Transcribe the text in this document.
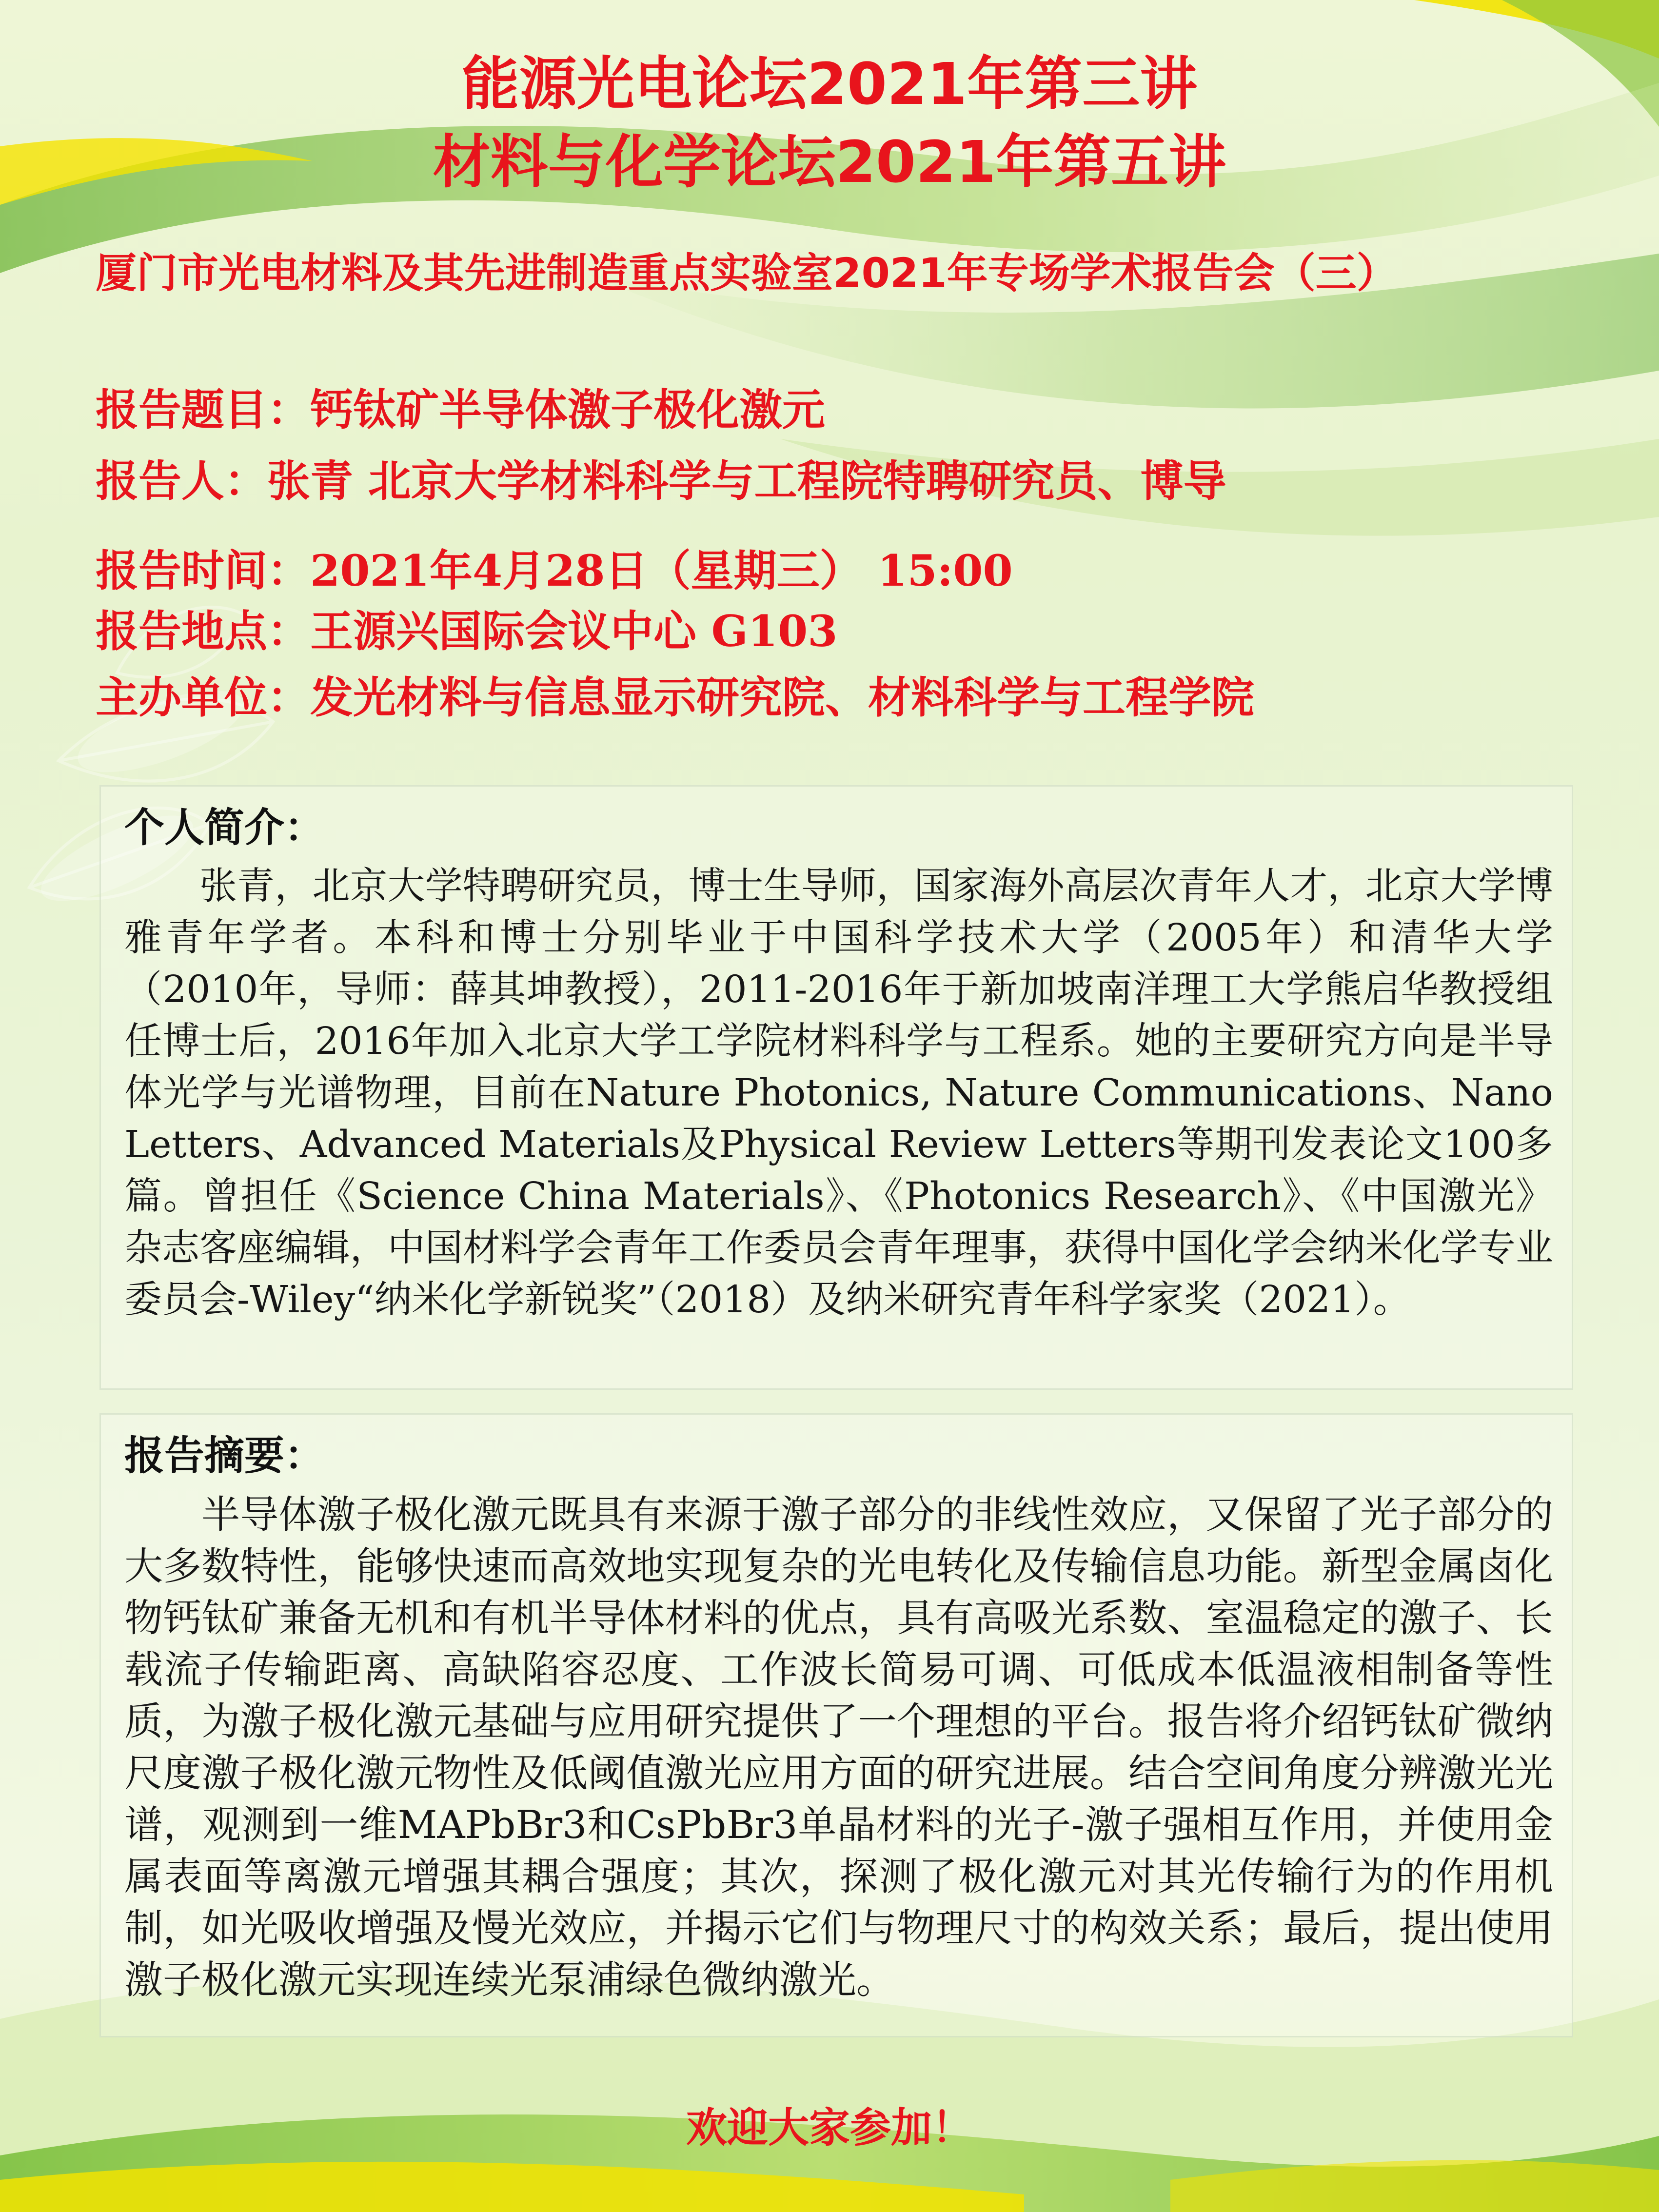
能源光电论坛2021年第三讲
材料与化学论坛2021年第五讲
厦门市光电材料及其先进制造重点实验室2021年专场学术报告会（三）
报告题目：钙钛矿半导体激子极化激元
报告人：张青 北京大学材料科学与工程院特聘研究员、博导
报告时间：2021年4月28日（星期三） 15:00
报告地点：王源兴国际会议中心 G103
主办单位：发光材料与信息显示研究院、材料科学与工程学院
个人简介：
张青，北京大学特聘研究员，博士生导师，国家海外高层次青年人才，北京大学博雅青年学者。本科和博士分别毕业于中国科学技术大学（2005年）和清华大学（2010年，导师：薛其坤教授），2011-2016年于新加坡南洋理工大学熊启华教授组任博士后，2016年加入北京大学工学院材料科学与工程系。她的主要研究方向是半导体光学与光谱物理，目前在Nature Photonics, Nature Communications、Nano Letters、Advanced Materials及Physical Review Letters等期刊发表论文100多篇。曾担任《Science China Materials》、《Photonics Research》、《中国激光》杂志客座编辑，中国材料学会青年工作委员会青年理事，获得中国化学会纳米化学专业委员会-Wiley“纳米化学新锐奖”（2018）及纳米研究青年科学家奖（2021）。
报告摘要：
半导体激子极化激元既具有来源于激子部分的非线性效应，又保留了光子部分的大多数特性，能够快速而高效地实现复杂的光电转化及传输信息功能。新型金属卤化物钙钛矿兼备无机和有机半导体材料的优点，具有高吸光系数、室温稳定的激子、长载流子传输距离、高缺陷容忍度、工作波长简易可调、可低成本低温液相制备等性质，为激子极化激元基础与应用研究提供了一个理想的平台。报告将介绍钙钛矿微纳尺度激子极化激元物性及低阈值激光应用方面的研究进展。结合空间角度分辨激光光谱，观测到一维MAPbBr3和CsPbBr3单晶材料的光子-激子强相互作用，并使用金属表面等离激元增强其耦合强度；其次，探测了极化激元对其光传输行为的作用机制，如光吸收增强及慢光效应，并揭示它们与物理尺寸的构效关系；最后，提出使用激子极化激元实现连续光泵浦绿色微纳激光。
欢迎大家参加！
